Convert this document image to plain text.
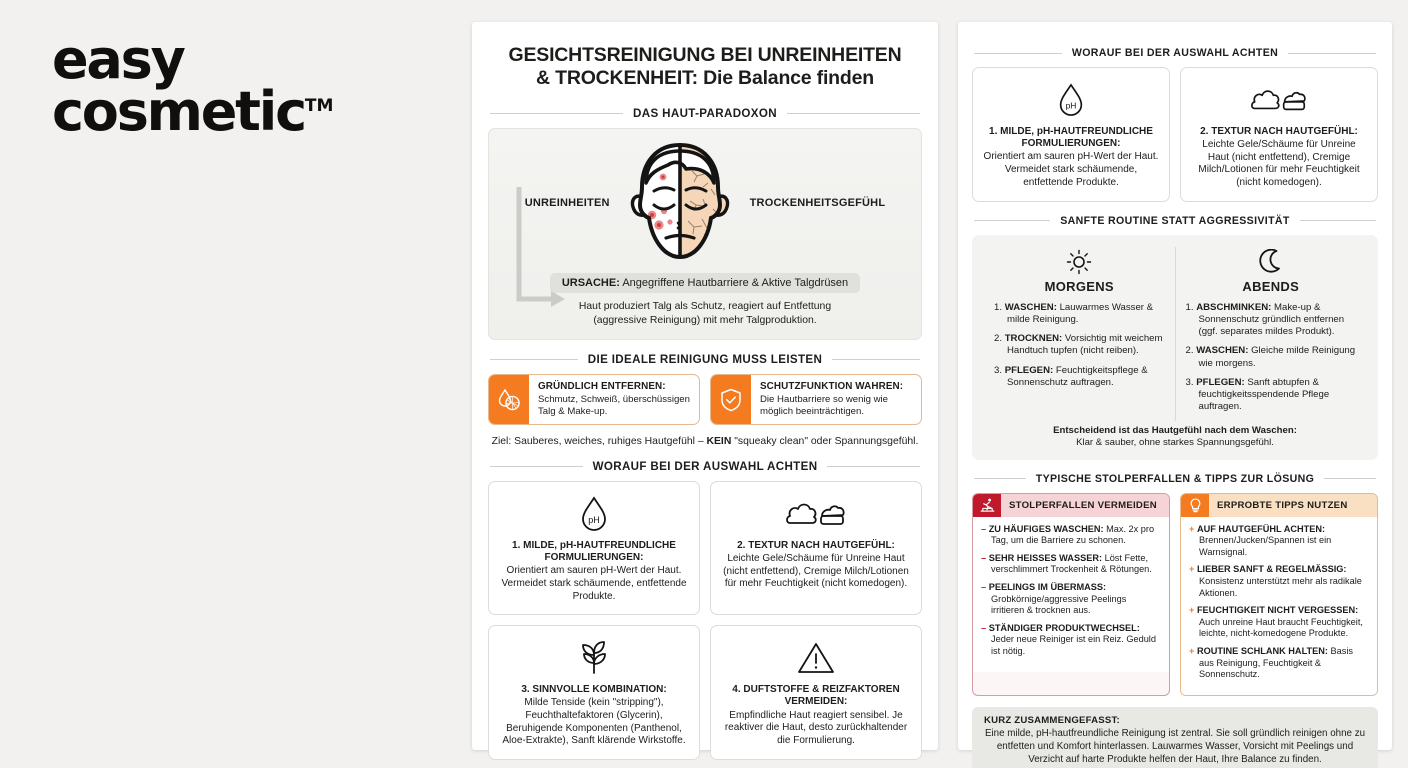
easy
cosmetic™
GESICHTSREINIGUNG BEI UNREINHEITEN
& TROCKENHEIT: Die Balance finden
DAS HAUT-PARADOXON
UNREINHEITEN	TROCKENHEITSGEFÜHL
URSACHE: Angegriffene Hautbarriere & Aktive Talgdrüsen
Haut produziert Talg als Schutz, reagiert auf Entfettung
(aggressive Reinigung) mit mehr Talgproduktion.
DIE IDEALE REINIGUNG MUSS LEISTEN
GRÜNDLICH ENTFERNEN:
Schmutz, Schweiß, überschüssigen Talg & Make-up.
SCHUTZFUNKTION WAHREN:
Die Hautbarriere so wenig wie möglich beeinträchtigen.
Ziel: Sauberes, weiches, ruhiges Hautgefühl – KEIN "squeaky clean" oder Spannungsgefühl.
WORAUF BEI DER AUSWAHL ACHTEN
pH
1. MILDE, pH-HAUTFREUNDLICHE FORMULIERUNGEN:
Orientiert am sauren pH-Wert der Haut. Vermeidet stark schäumende, entfettende Produkte.
2. TEXTUR NACH HAUTGEFÜHL:
Leichte Gele/Schäume für Unreine Haut (nicht entfettend), Cremige Milch/Lotionen für mehr Feuchtigkeit (nicht komedogen).
3. SINNVOLLE KOMBINATION:
Milde Tenside (kein "stripping"), Feuchthaltefaktoren (Glycerin), Beruhigende Komponenten (Panthenol, Aloe-Extrakte), Sanft klärende Wirkstoffe.
4. DUFTSTOFFE & REIZFAKTOREN VERMEIDEN:
Empfindliche Haut reagiert sensibel. Je reaktiver die Haut, desto zurückhaltender die Formulierung.
WORAUF BEI DER AUSWAHL ACHTEN
pH
1. MILDE, pH-HAUTFREUNDLICHE FORMULIERUNGEN:
Orientiert am sauren pH-Wert der Haut. Vermeidet stark schäumende, entfettende Produkte.
2. TEXTUR NACH HAUTGEFÜHL:
Leichte Gele/Schäume für Unreine Haut (nicht entfettend), Cremige Milch/Lotionen für mehr Feuchtigkeit (nicht komedogen).
SANFTE ROUTINE STATT AGGRESSIVITÄT
MORGENS
1. WASCHEN: Lauwarmes Wasser & milde Reinigung.
2. TROCKNEN: Vorsichtig mit weichem Handtuch tupfen (nicht reiben).
3. PFLEGEN: Feuchtigkeitspflege & Sonnenschutz auftragen.
ABENDS
1. ABSCHMINKEN: Make-up & Sonnenschutz gründlich entfernen (ggf. separates mildes Produkt).
2. WASCHEN: Gleiche milde Reinigung wie morgens.
3. PFLEGEN: Sanft abtupfen & feuchtigkeitsspendende Pflege auftragen.
Entscheidend ist das Hautgefühl nach dem Waschen:
Klar & sauber, ohne starkes Spannungsgefühl.
TYPISCHE STOLPERFALLEN & TIPPS ZUR LÖSUNG
STOLPERFALLEN VERMEIDEN
– ZU HÄUFIGES WASCHEN: Max. 2x pro Tag, um die Barriere zu schonen.
– SEHR HEISSES WASSER: Löst Fette, verschlimmert Trockenheit & Rötungen.
– PEELINGS IM ÜBERMASS: Grobkörnige/aggressive Peelings irritieren & trocknen aus.
– STÄNDIGER PRODUKTWECHSEL: Jeder neue Reiniger ist ein Reiz. Geduld ist nötig.
ERPROBTE TIPPS NUTZEN
+ AUF HAUTGEFÜHL ACHTEN: Brennen/Jucken/Spannen ist ein Warnsignal.
+ LIEBER SANFT & REGELMÄSSIG: Konsistenz unterstützt mehr als radikale Aktionen.
+ FEUCHTIGKEIT NICHT VERGESSEN: Auch unreine Haut braucht Feuchtigkeit, leichte, nicht-komedogene Produkte.
+ ROUTINE SCHLANK HALTEN: Basis aus Reinigung, Feuchtigkeit & Sonnenschutz.
KURZ ZUSAMMENGEFASST:
Eine milde, pH-hautfreundliche Reinigung ist zentral. Sie soll gründlich reinigen ohne zu entfetten und Komfort hinterlassen. Lauwarmes Wasser, Vorsicht mit Peelings und Verzicht auf harte Produkte helfen der Haut, Ihre Balance zu finden.
